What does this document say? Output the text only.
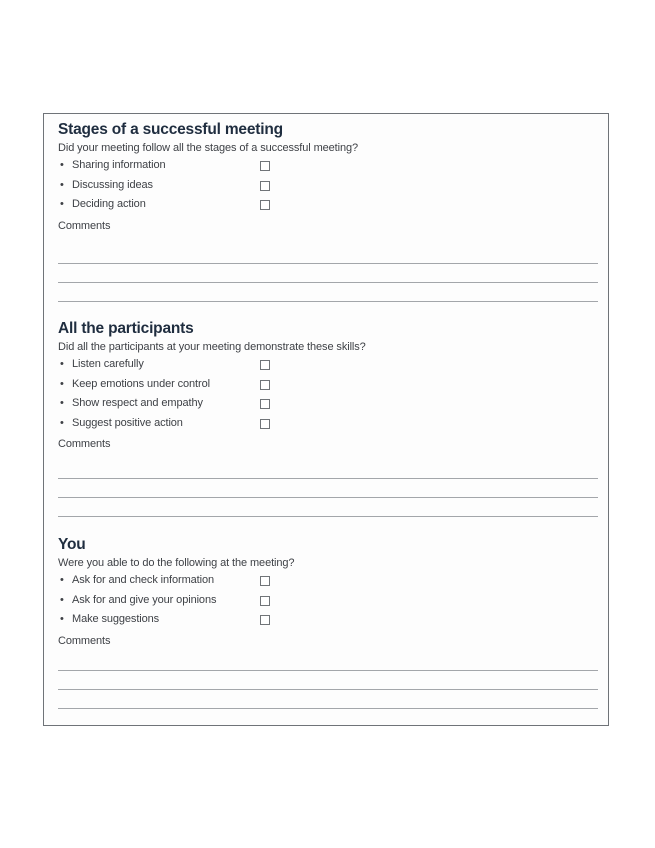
Stages of a successful meeting

Did your meeting follow all the stages of a successful meeting?

• Sharing information
• Discussing ideas
• Deciding action
Comments
All the participants

Did all the participants at your meeting demonstrate these skills?

• Listen carefully
• Keep emotions under control
• Show respect and empathy
• Suggest positive action
Comments
You

Were you able to do the following at the meeting?

• Ask for and check information
• Ask for and give your opinions
• Make suggestions
Comments
